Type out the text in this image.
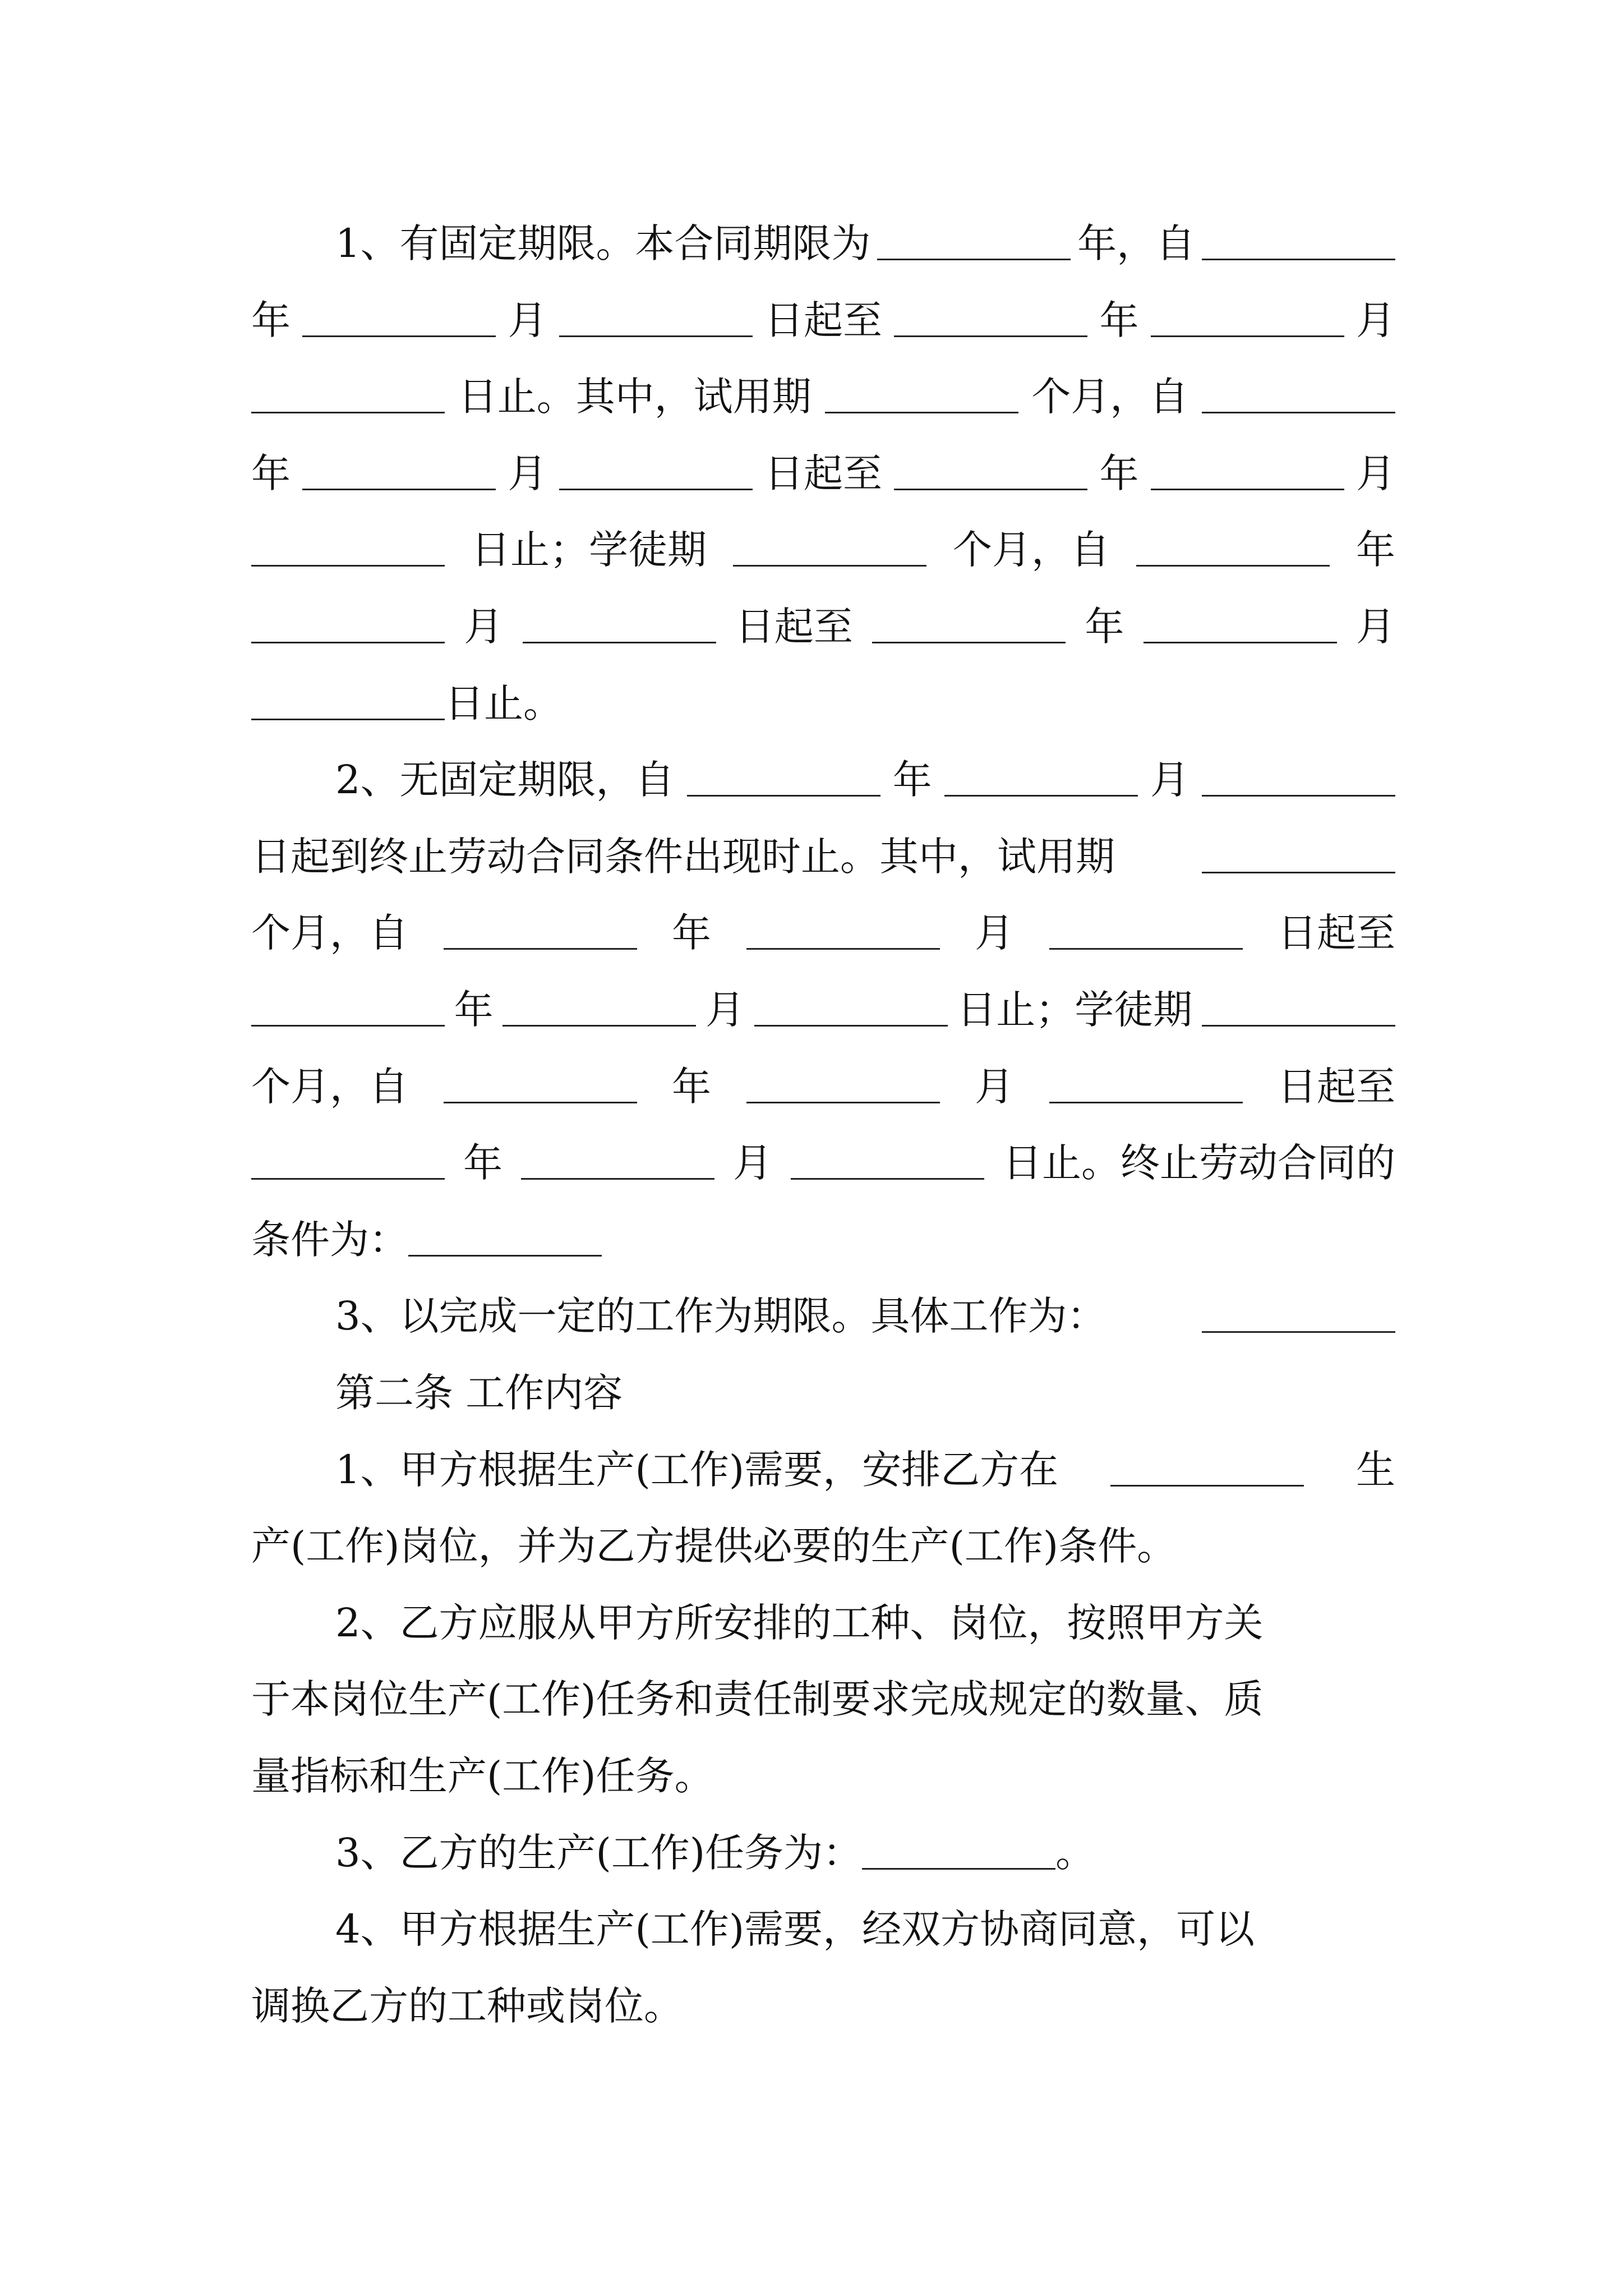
1、有固定期限。本合同期限为	年，自
年	月	日起至	年	月
日止。其中，试用期	个月，自
年	月	日起至	年	月
日止；学徒期	个月，自	年
月	日起至	年	月
日止。
2、无固定期限，自	年	月
日起到终止劳动合同条件出现时止。其中，试用期
个月，自	年	月	日起至
年	月	日止；学徒期
个月，自	年	月	日起至
年	月	日止。终止劳动合同的
条件为：
3、以完成一定的工作为期限。具体工作为：
第二条 工作内容
1、甲方根据生产(工作)需要，安排乙方在	生
产(工作)岗位，并为乙方提供必要的生产(工作)条件。
2、乙方应服从甲方所安排的工种、岗位，按照甲方关
于本岗位生产(工作)任务和责任制要求完成规定的数量、质
量指标和生产(工作)任务。
3、乙方的生产(工作)任务为：	。
4、甲方根据生产(工作)需要，经双方协商同意，可以
调换乙方的工种或岗位。
